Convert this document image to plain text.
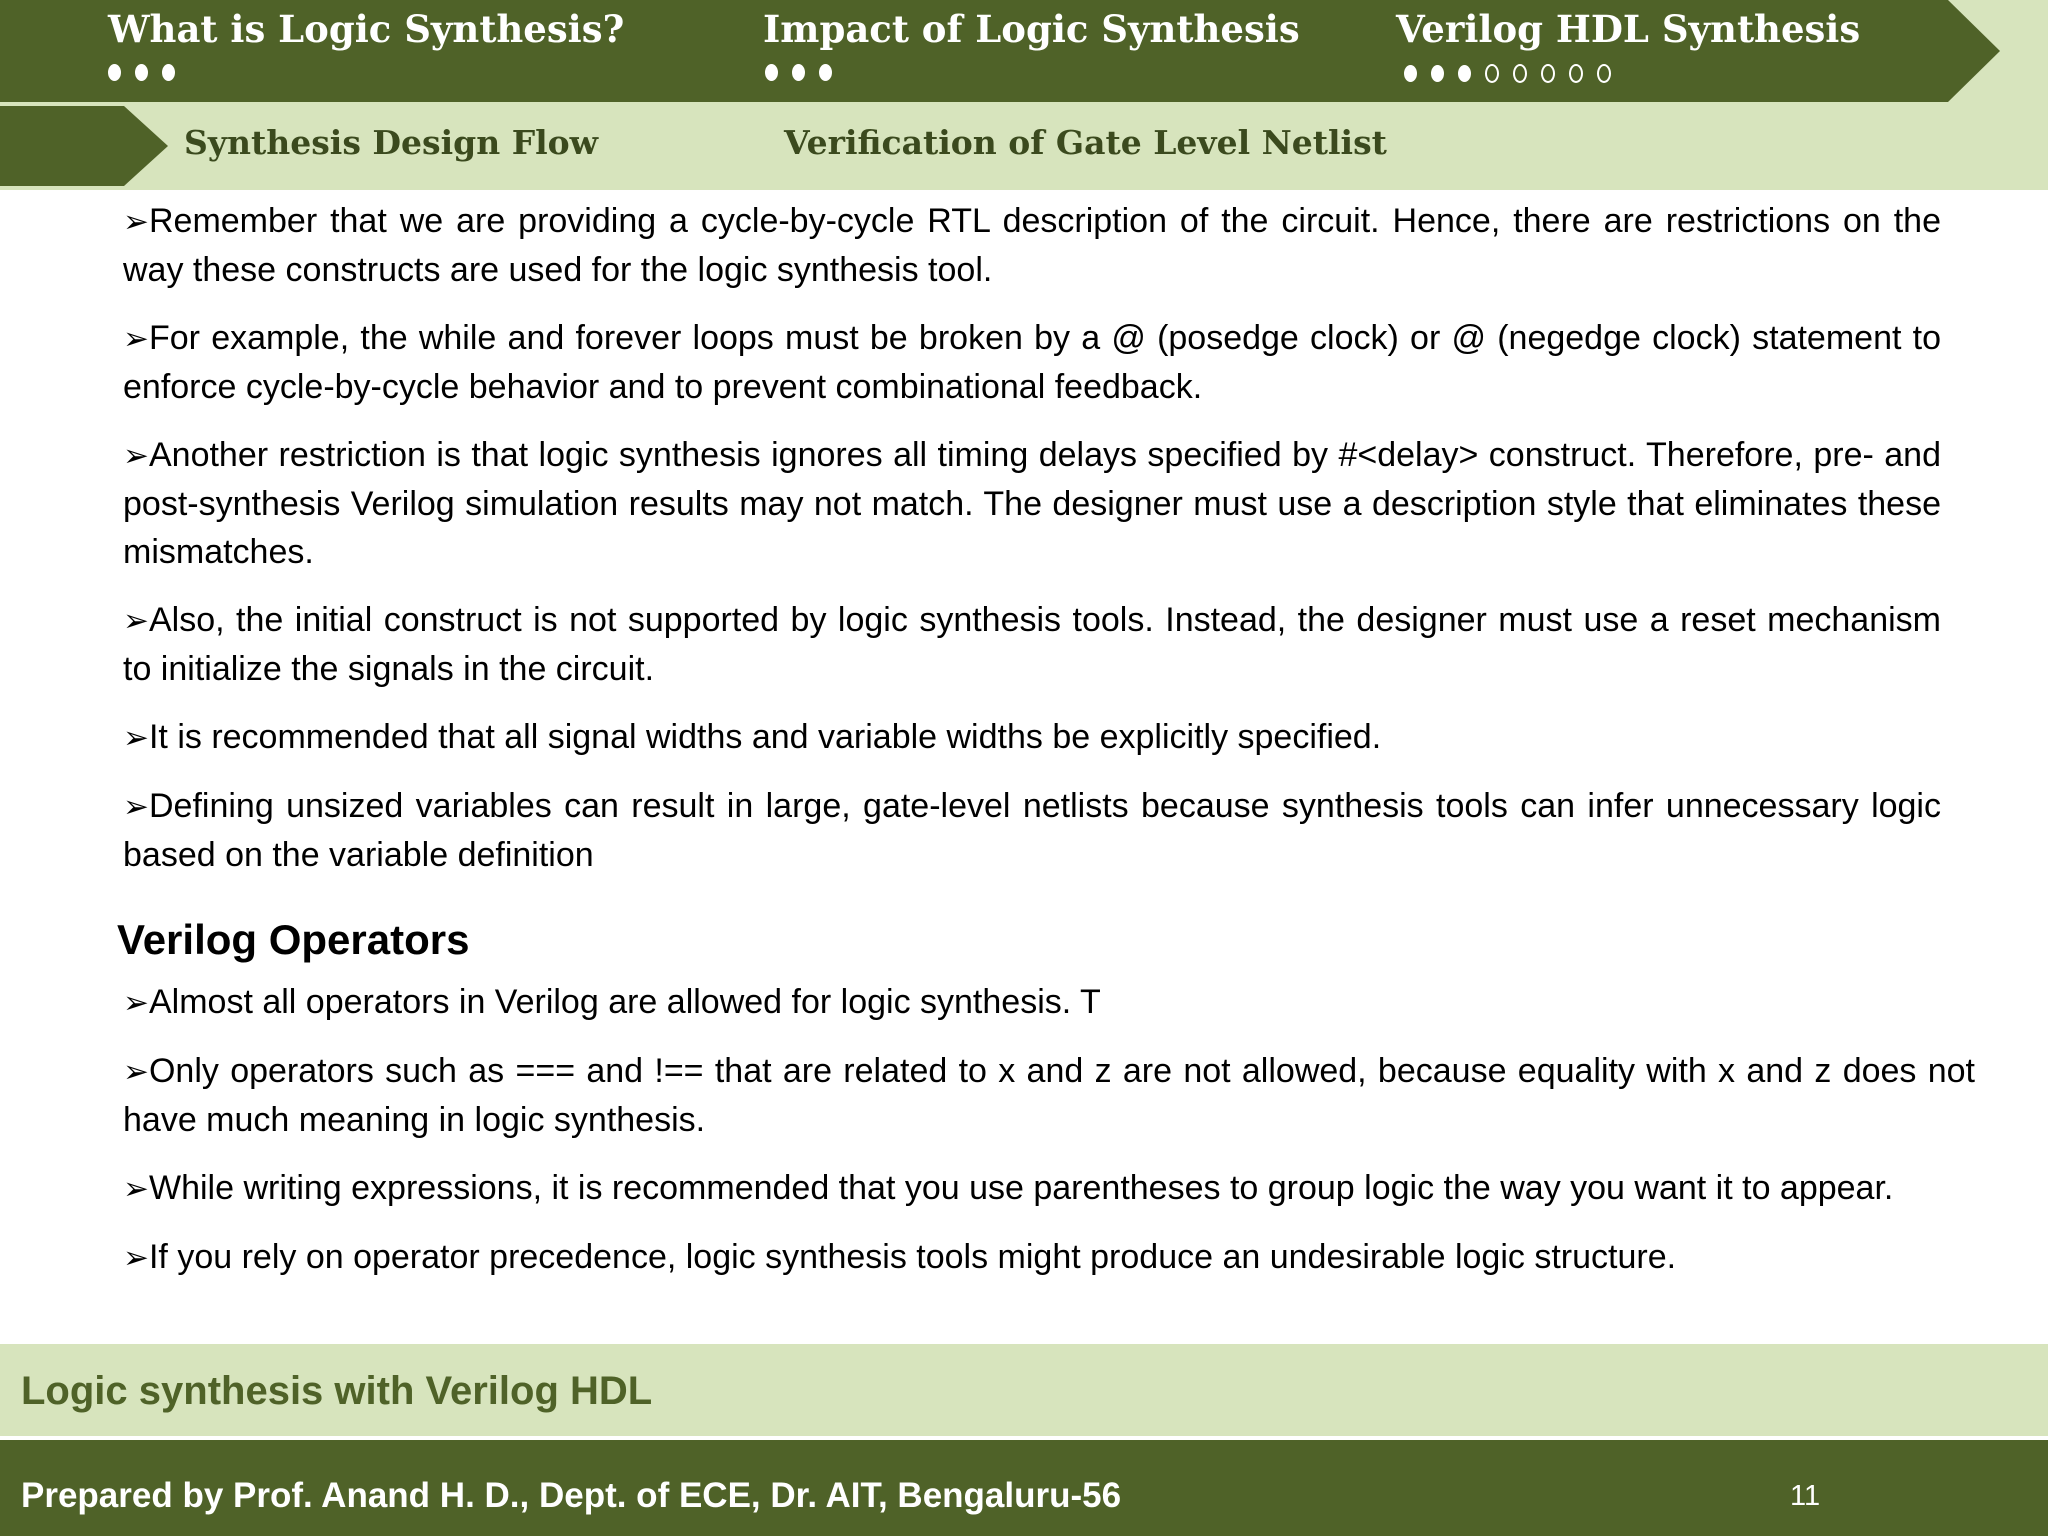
What is Logic Synthesis?	Impact of Logic Synthesis	Verilog HDL Synthesis
Synthesis Design Flow	Verification of Gate Level Netlist

➢Remember that we are providing a cycle-by-cycle RTL description of the circuit. Hence, there are restrictions on the way these constructs are used for the logic synthesis tool.

➢For example, the while and forever loops must be broken by a @ (posedge clock) or @ (negedge clock) statement to enforce cycle-by-cycle behavior and to prevent combinational feedback.

➢Another restriction is that logic synthesis ignores all timing delays specified by #<delay> construct. Therefore, pre- and post-synthesis Verilog simulation results may not match. The designer must use a description style that eliminates these mismatches.

➢Also, the initial construct is not supported by logic synthesis tools. Instead, the designer must use a reset mechanism to initialize the signals in the circuit.

➢It is recommended that all signal widths and variable widths be explicitly specified.

➢Defining unsized variables can result in large, gate-level netlists because synthesis tools can infer unnecessary logic based on the variable definition

Verilog Operators

➢Almost all operators in Verilog are allowed for logic synthesis. T

➢Only operators such as === and !== that are related to x and z are not allowed, because equality with x and z does not have much meaning in logic synthesis.

➢While writing expressions, it is recommended that you use parentheses to group logic the way you want it to appear.

➢If you rely on operator precedence, logic synthesis tools might produce an undesirable logic structure.

Logic synthesis with Verilog HDL
Prepared by Prof. Anand H. D., Dept. of ECE, Dr. AIT, Bengaluru-56	11
